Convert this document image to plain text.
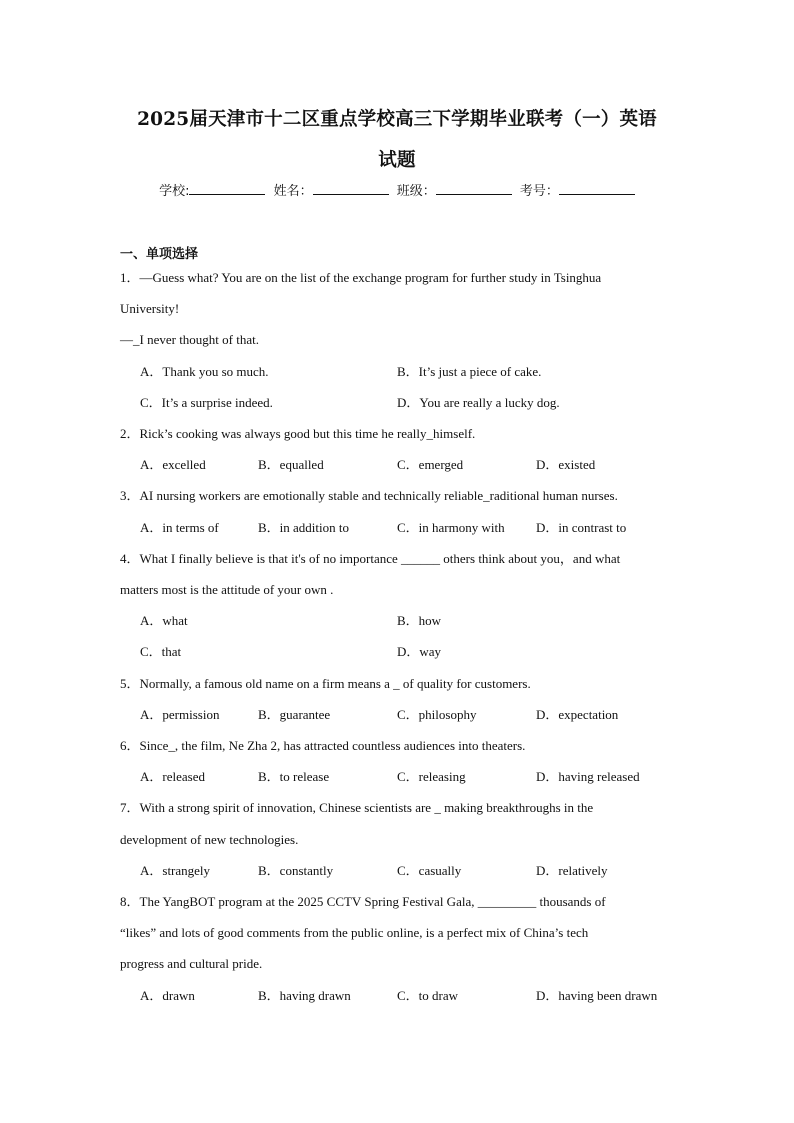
2025届天津市十二区重点学校高三下学期毕业联考（一）英语
试题
学校:	姓名：	班级：	考号：
一、单项选择
1．—Guess what? You are on the list of the exchange program for further study in Tsinghua
University!
—_I never thought of that.
A．Thank you so much.	B．It’s just a piece of cake.
C．It’s a surprise indeed.	D．You are really a lucky dog.
2．Rick’s cooking was always good but this time he really_himself.
A．excelled	B．equalled	C．emerged	D．existed
3．AI nursing workers are emotionally stable and technically reliable_raditional human nurses.
A．in terms of	B．in addition to	C．in harmony with D．in contrast to
4．What I finally believe is that it's of no importance ______ others think about you，and what
matters most is the attitude of your own .
A．what	B．how
C．that	D．way
5．Normally, a famous old name on a firm means a _ of quality for customers.
A．permission	B．guarantee	C．philosophy	D．expectation
6．Since_, the film, Ne Zha 2, has attracted countless audiences into theaters.
A．released	B．to release	C．releasing	D．having released
7．With a strong spirit of innovation, Chinese scientists are _ making breakthroughs in the
development of new technologies.
A．strangely	B．constantly	C．casually	D．relatively
8．The YangBOT program at the 2025 CCTV Spring Festival Gala, _________ thousands of
“likes” and lots of good comments from the public online, is a perfect mix of China’s tech
progress and cultural pride.
A．drawn	B．having drawn	C．to draw	D．having been drawn
